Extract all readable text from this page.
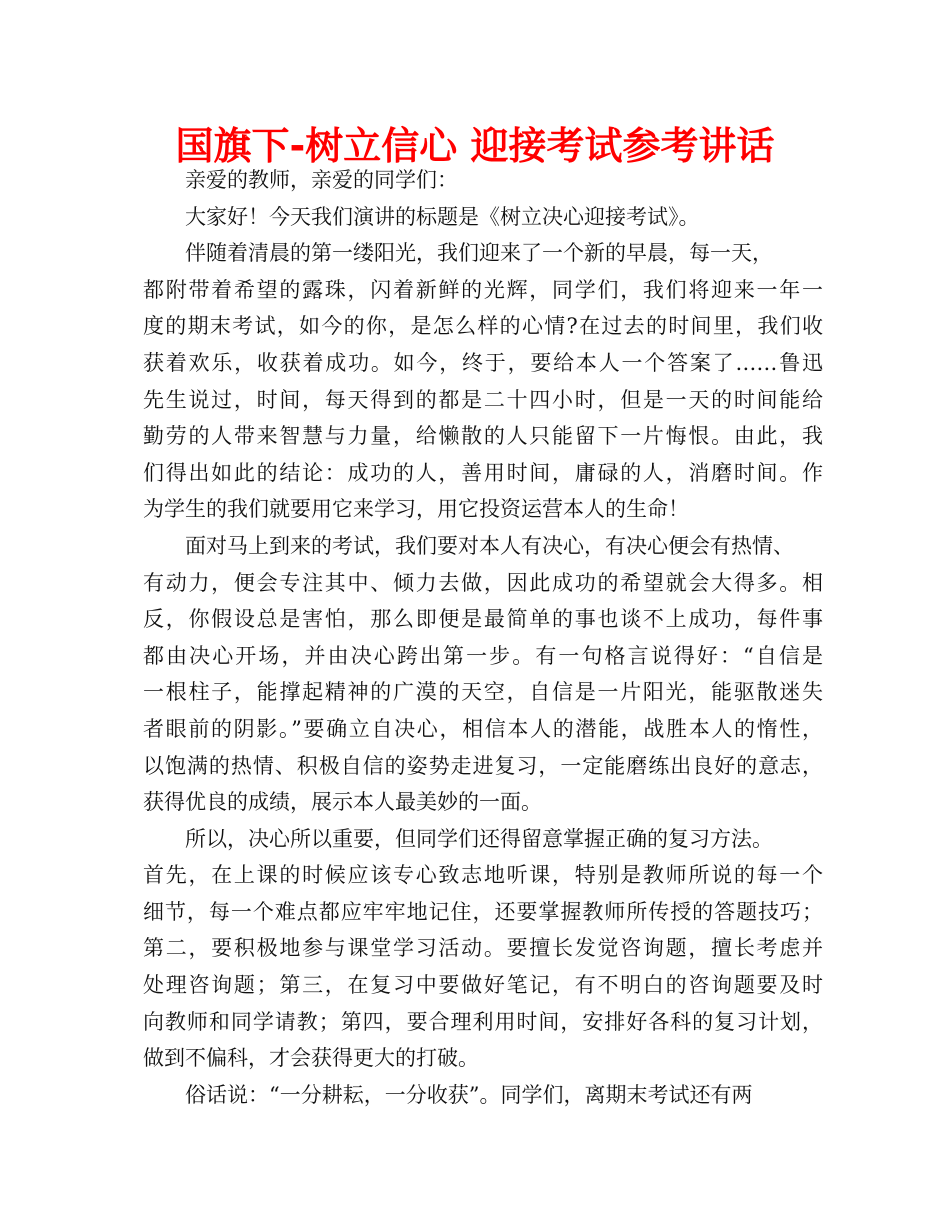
国旗下-树立信心 迎接考试参考讲话
亲爱的教师，亲爱的同学们：
大家好！今天我们演讲的标题是《树立决心迎接考试》。
伴随着清晨的第一缕阳光，我们迎来了一个新的早晨，每一天，
都附带着希望的露珠，闪着新鲜的光辉，同学们，我们将迎来一年一
度的期末考试，如今的你，是怎么样的心情?在过去的时间里，我们收
获着欢乐，收获着成功。如今，终于，要给本人一个答案了……鲁迅
先生说过，时间，每天得到的都是二十四小时，但是一天的时间能给
勤劳的人带来智慧与力量，给懒散的人只能留下一片悔恨。由此，我
们得出如此的结论：成功的人，善用时间，庸碌的人，消磨时间。作
为学生的我们就要用它来学习，用它投资运营本人的生命！
面对马上到来的考试，我们要对本人有决心，有决心便会有热情、
有动力，便会专注其中、倾力去做，因此成功的希望就会大得多。相
反，你假设总是害怕，那么即便是最简单的事也谈不上成功，每件事
都由决心开场，并由决心跨出第一步。有一句格言说得好：“自信是
一根柱子，能撑起精神的广漠的天空，自信是一片阳光，能驱散迷失
者眼前的阴影。”要确立自决心，相信本人的潜能，战胜本人的惰性，
以饱满的热情、积极自信的姿势走进复习，一定能磨练出良好的意志，
获得优良的成绩，展示本人最美妙的一面。
所以，决心所以重要，但同学们还得留意掌握正确的复习方法。
首先，在上课的时候应该专心致志地听课，特别是教师所说的每一个
细节，每一个难点都应牢牢地记住，还要掌握教师所传授的答题技巧；
第二，要积极地参与课堂学习活动。要擅长发觉咨询题，擅长考虑并
处理咨询题；第三，在复习中要做好笔记，有不明白的咨询题要及时
向教师和同学请教；第四，要合理利用时间，安排好各科的复习计划，
做到不偏科，才会获得更大的打破。
俗话说：“一分耕耘，一分收获”。同学们，离期末考试还有两
